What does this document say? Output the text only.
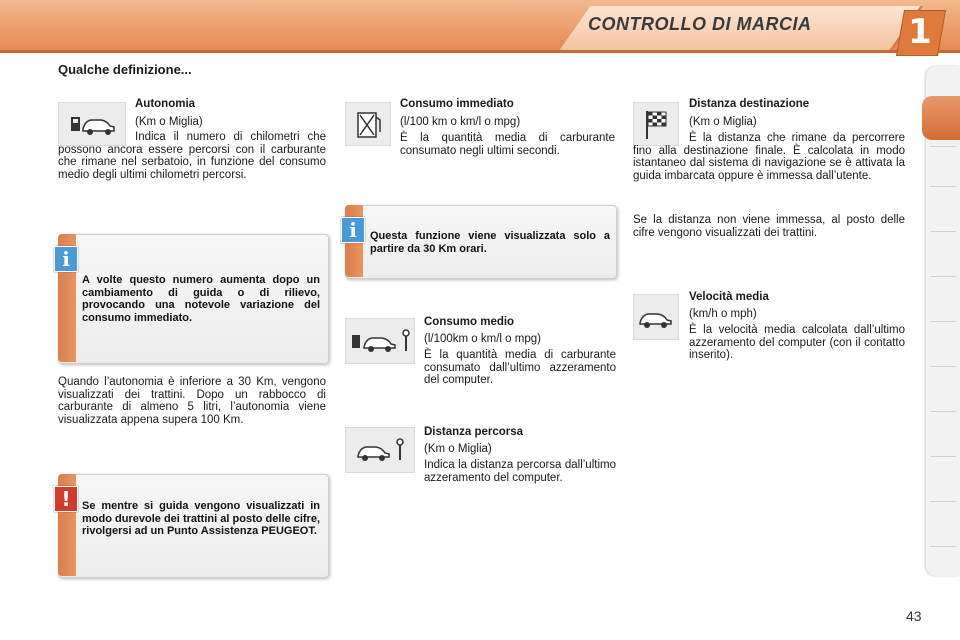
CONTROLLO DI MARCIA	1
Qualche definizione...
Autonomia
(Km o Miglia)
Indica il numero di chilometri che possono ancora essere percorsi con il carburante che rimane nel serbatoio, in funzione del consumo medio degli ultimi chilometri percorsi.
i
A volte questo numero aumenta dopo un cambiamento di guida o di rilievo, provocando una notevole variazione del consumo immediato.
Quando l’autonomia è inferiore a 30 Km, vengono visualizzati dei trattini. Dopo un rabbocco di carburante di almeno 5 litri, l’autonomia viene visualizzata appena supera 100 Km.
!	Se mentre si guida vengono visualizzati in modo durevole dei trattini al posto delle cifre, rivolgersi ad un Punto Assistenza PEUGEOT.
Consumo immediato
(l/100 km o km/l o mpg)
È la quantità media di carburante consumato negli ultimi secondi.
i	Questa funzione viene visualizzata solo a partire da 30 Km orari.
Consumo medio
(l/100km o km/l o mpg)
È la quantità media di carburante consumato dall’ultimo azzeramento del computer.
Distanza percorsa
(Km o Miglia)
Indica la distanza percorsa dall’ultimo azzeramento del computer.
Distanza destinazione
(Km o Miglia)
È la distanza che rimane da percorrere fino alla destinazione finale. È calcolata in modo istantaneo dal sistema di navigazione se è attivata la guida imbarcata oppure è immessa dall’utente.
Se la distanza non viene immessa, al posto delle cifre vengono visualizzati dei trattini.
Velocità media
(km/h o mph)
È la velocità media calcolata dall’ultimo azzeramento del computer (con il contatto inserito).
43
